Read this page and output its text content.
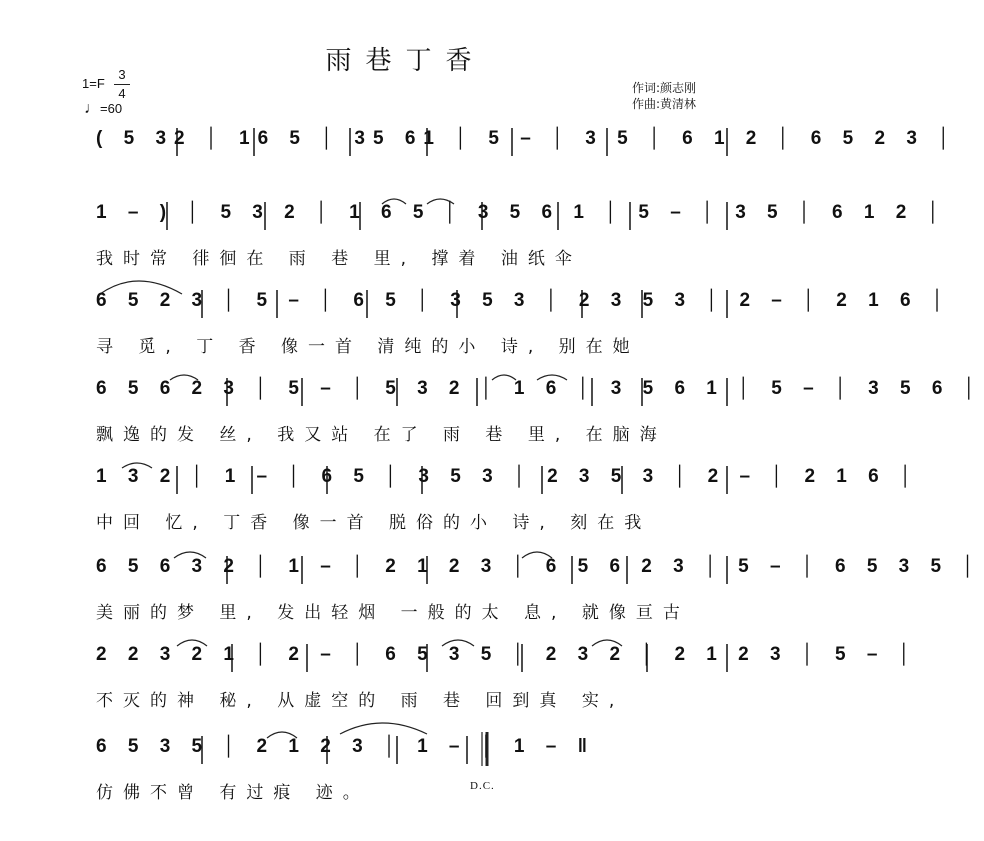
雨巷丁香
$1=F \frac{3}{4}$
♩=60
作词:颜志刚
作曲:黄清林
( 5 32 │ 16 5 │ 35 61 │ 5 – │ 3 5 │ 6 1 2 │ 6 5 2 3 │
1 – ) │ 5 3 2 │ 1 6 5 │ 3 5 6 1 │ 5 – │ 3 5 │ 6 1 2 │
我时常 徘徊在 雨 巷 里, 撑着 油纸伞
6 5 2 3 │ 5 – │ 6 5 │ 3 5 3 │ 2 3 5 3 │ 2 – │ 2 1 6 │
寻 觅, 丁 香 像一首 清纯的小 诗, 别在她
6 5 6 2 3 │ 5 – │ 5 3 2 │ 1 6 │ 3 5 6 1 │ 5 – │ 3 5 6 │
飘逸的发 丝, 我又站 在了 雨 巷 里, 在脑海
1 3 2 │ 1 – │ 6 5 │ 3 5 3 │ 2 3 5 3 │ 2 – │ 2 1 6 │
中回 忆, 丁香 像一首 脱俗的小 诗, 刻在我
6 5 6 3 2 │ 1 – │ 2 1 2 3 │ 6 5 6 2 3 │ 5 – │ 6 5 3 5 │
美丽的梦 里, 发出轻烟 一般的太 息, 就像亘古
2 2 3 2 1 │ 2 – │ 6 5 3 5 │ 2 3 2 │ 2 1 2 3 │ 5 – │
不灭的神 秘, 从虚空的 雨 巷 回到真 实,
6 5 3 5 │ 2 1 2 3 │ 1 – │ 1 – ‖
仿佛不曾 有过痕 迹。	D.C.
